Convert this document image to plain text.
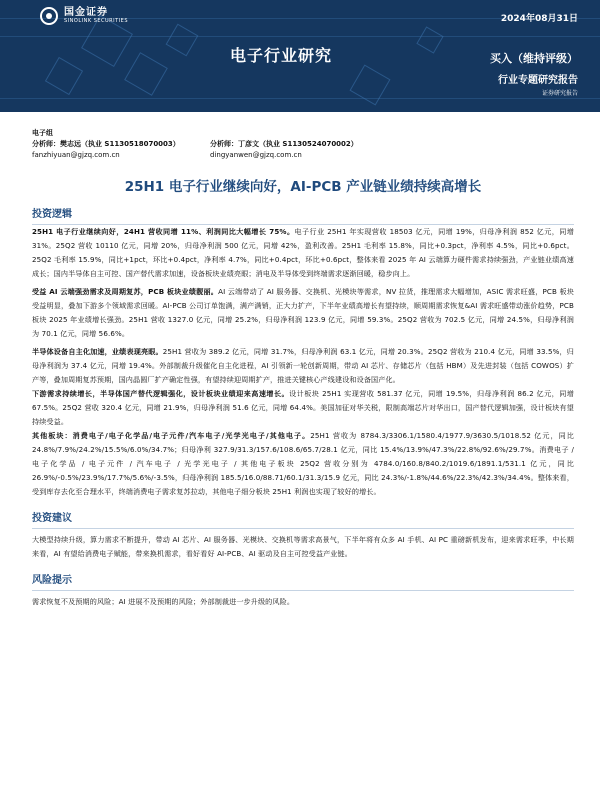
国金证券
SINOLINK SECURITIES	2024年08月31日
电子行业研究	买入（维持评级）
行业专题研究报告
证券研究报告
电子组
分析师：樊志远（执业 S1130518070003）
fanzhiyuan@gjzq.com.cn
分析师：丁彦文（执业 S1130524070002）
dingyanwen@gjzq.com.cn
25H1 电子行业继续向好，AI-PCB 产业链业绩持续高增长
投资逻辑

25H1 电子行业继续向好，24H1 营收同增 11%、利润同比大幅增长 75%。电子行业 25H1 年实现营收 18503 亿元，同增 19%，归母净利润 852 亿元，同增 31%。25Q2 营收 10110 亿元，同增 20%，归母净利润 500 亿元，同增 42%，盈利改善。25H1 毛利率 15.8%，同比+0.3pct，净利率 4.5%，同比+0.6pct。25Q2 毛利率 15.9%，同比+1pct，环比+0.4pct，净利率 4.7%，同比+0.4pct，环比+0.6pct，整体来看 2025 年 AI 云端算力硬件需求持续强劲，产业链业绩高速成长；国内半导体自主可控、国产替代需求加速，设备板块业绩亮眼；消电及半导体受到终端需求逐渐回暖，稳步向上。

受益 AI 云端强劲需求及周期复苏，PCB 板块业绩靓丽。AI 云端带动了 AI 服务器、交换机、光模块等需求，NV 拉货，推理需求大幅增加，ASIC 需求旺盛，PCB 板块受益明显，叠加下游多个领域需求回暖。AI-PCB 公司订单饱满，满产满销，正大力扩产，下半年业绩高增长有望持续，顺周期需求恢复&AI 需求旺盛带动涨价趋势，PCB 板块 2025 年业绩增长强劲。25H1 营收 1327.0 亿元，同增 25.2%，归母净利润 123.9 亿元，同增 59.3%。25Q2 营收为 702.5 亿元，同增 24.5%，归母净利润为 70.1 亿元，同增 56.6%。

半导体设备自主化加速，业绩表现亮眼。25H1 营收为 389.2 亿元，同增 31.7%，归母净利润 63.1 亿元，同增 20.3%。25Q2 营收为 210.4 亿元，同增 33.5%，归母净利润为 37.4 亿元，同增 19.4%。外部制裁升级催化自主化进程，AI 引领新一轮创新周期，带动 AI 芯片、存储芯片（包括 HBM）及先进封装（包括 COWOS）扩产等，叠加周期复苏预期，国内晶圆厂扩产确定性强，有望持续迎周期扩产，推进关键核心产线建设和设备国产化。

下游需求持续增长，半导体国产替代逻辑强化，设计板块业绩迎来高速增长。设计板块 25H1 实现营收 581.37 亿元，同增 19.5%，归母净利润 86.2 亿元，同增 67.5%。25Q2 营收 320.4 亿元，同增 21.9%，归母净利润 51.6 亿元，同增 64.4%。美国加征对华关税，限制高端芯片对华出口，国产替代逻辑加强，设计板块有望持续受益。

其他板块：消费电子/电子化学品/电子元件/汽车电子/光学光电子/其他电子。25H1 营收为 8784.3/3306.1/1580.4/1977.9/3630.5/1018.52 亿元，同比 24.8%/7.9%/24.2%/15.5%/6.0%/34.7%；归母净利 327.9/31.3/157.6/108.6/65.7/28.1 亿元，同比 15.4%/13.9%/47.3%/22.8%/92.6%/29.7%。消费电子 / 电子化学品 / 电子元件 / 汽车电子 / 光学光电子 / 其他电子板块 25Q2 营收分别为 4784.0/160.8/840.2/1019.6/1891.1/531.1 亿元，同比 26.9%/-0.5%/23.9%/17.7%/5.6%/-3.5%，归母净利润 185.5/16.0/88.71/60.1/31.3/15.9 亿元，同比 24.3%/-1.8%/44.6%/22.3%/42.3%/34.4%。整体来看，受到库存去化至合理水平，终端消费电子需求复苏拉动，其他电子细分板块 25H1 利润也实现了较好的增长。

投资建议

大模型持续升级，算力需求不断提升，带动 AI 芯片、AI 服务器、光模块、交换机等需求高景气，下半年将有众多 AI 手机、AI PC 重磅新机发布，迎来需求旺季，中长期来看，AI 有望给消费电子赋能，带来换机需求，看好看好 AI-PCB、AI 驱动及自主可控受益产业链。

风险提示

需求恢复不及预期的风险；AI 进展不及预期的风险；外部制裁进一步升级的风险。
